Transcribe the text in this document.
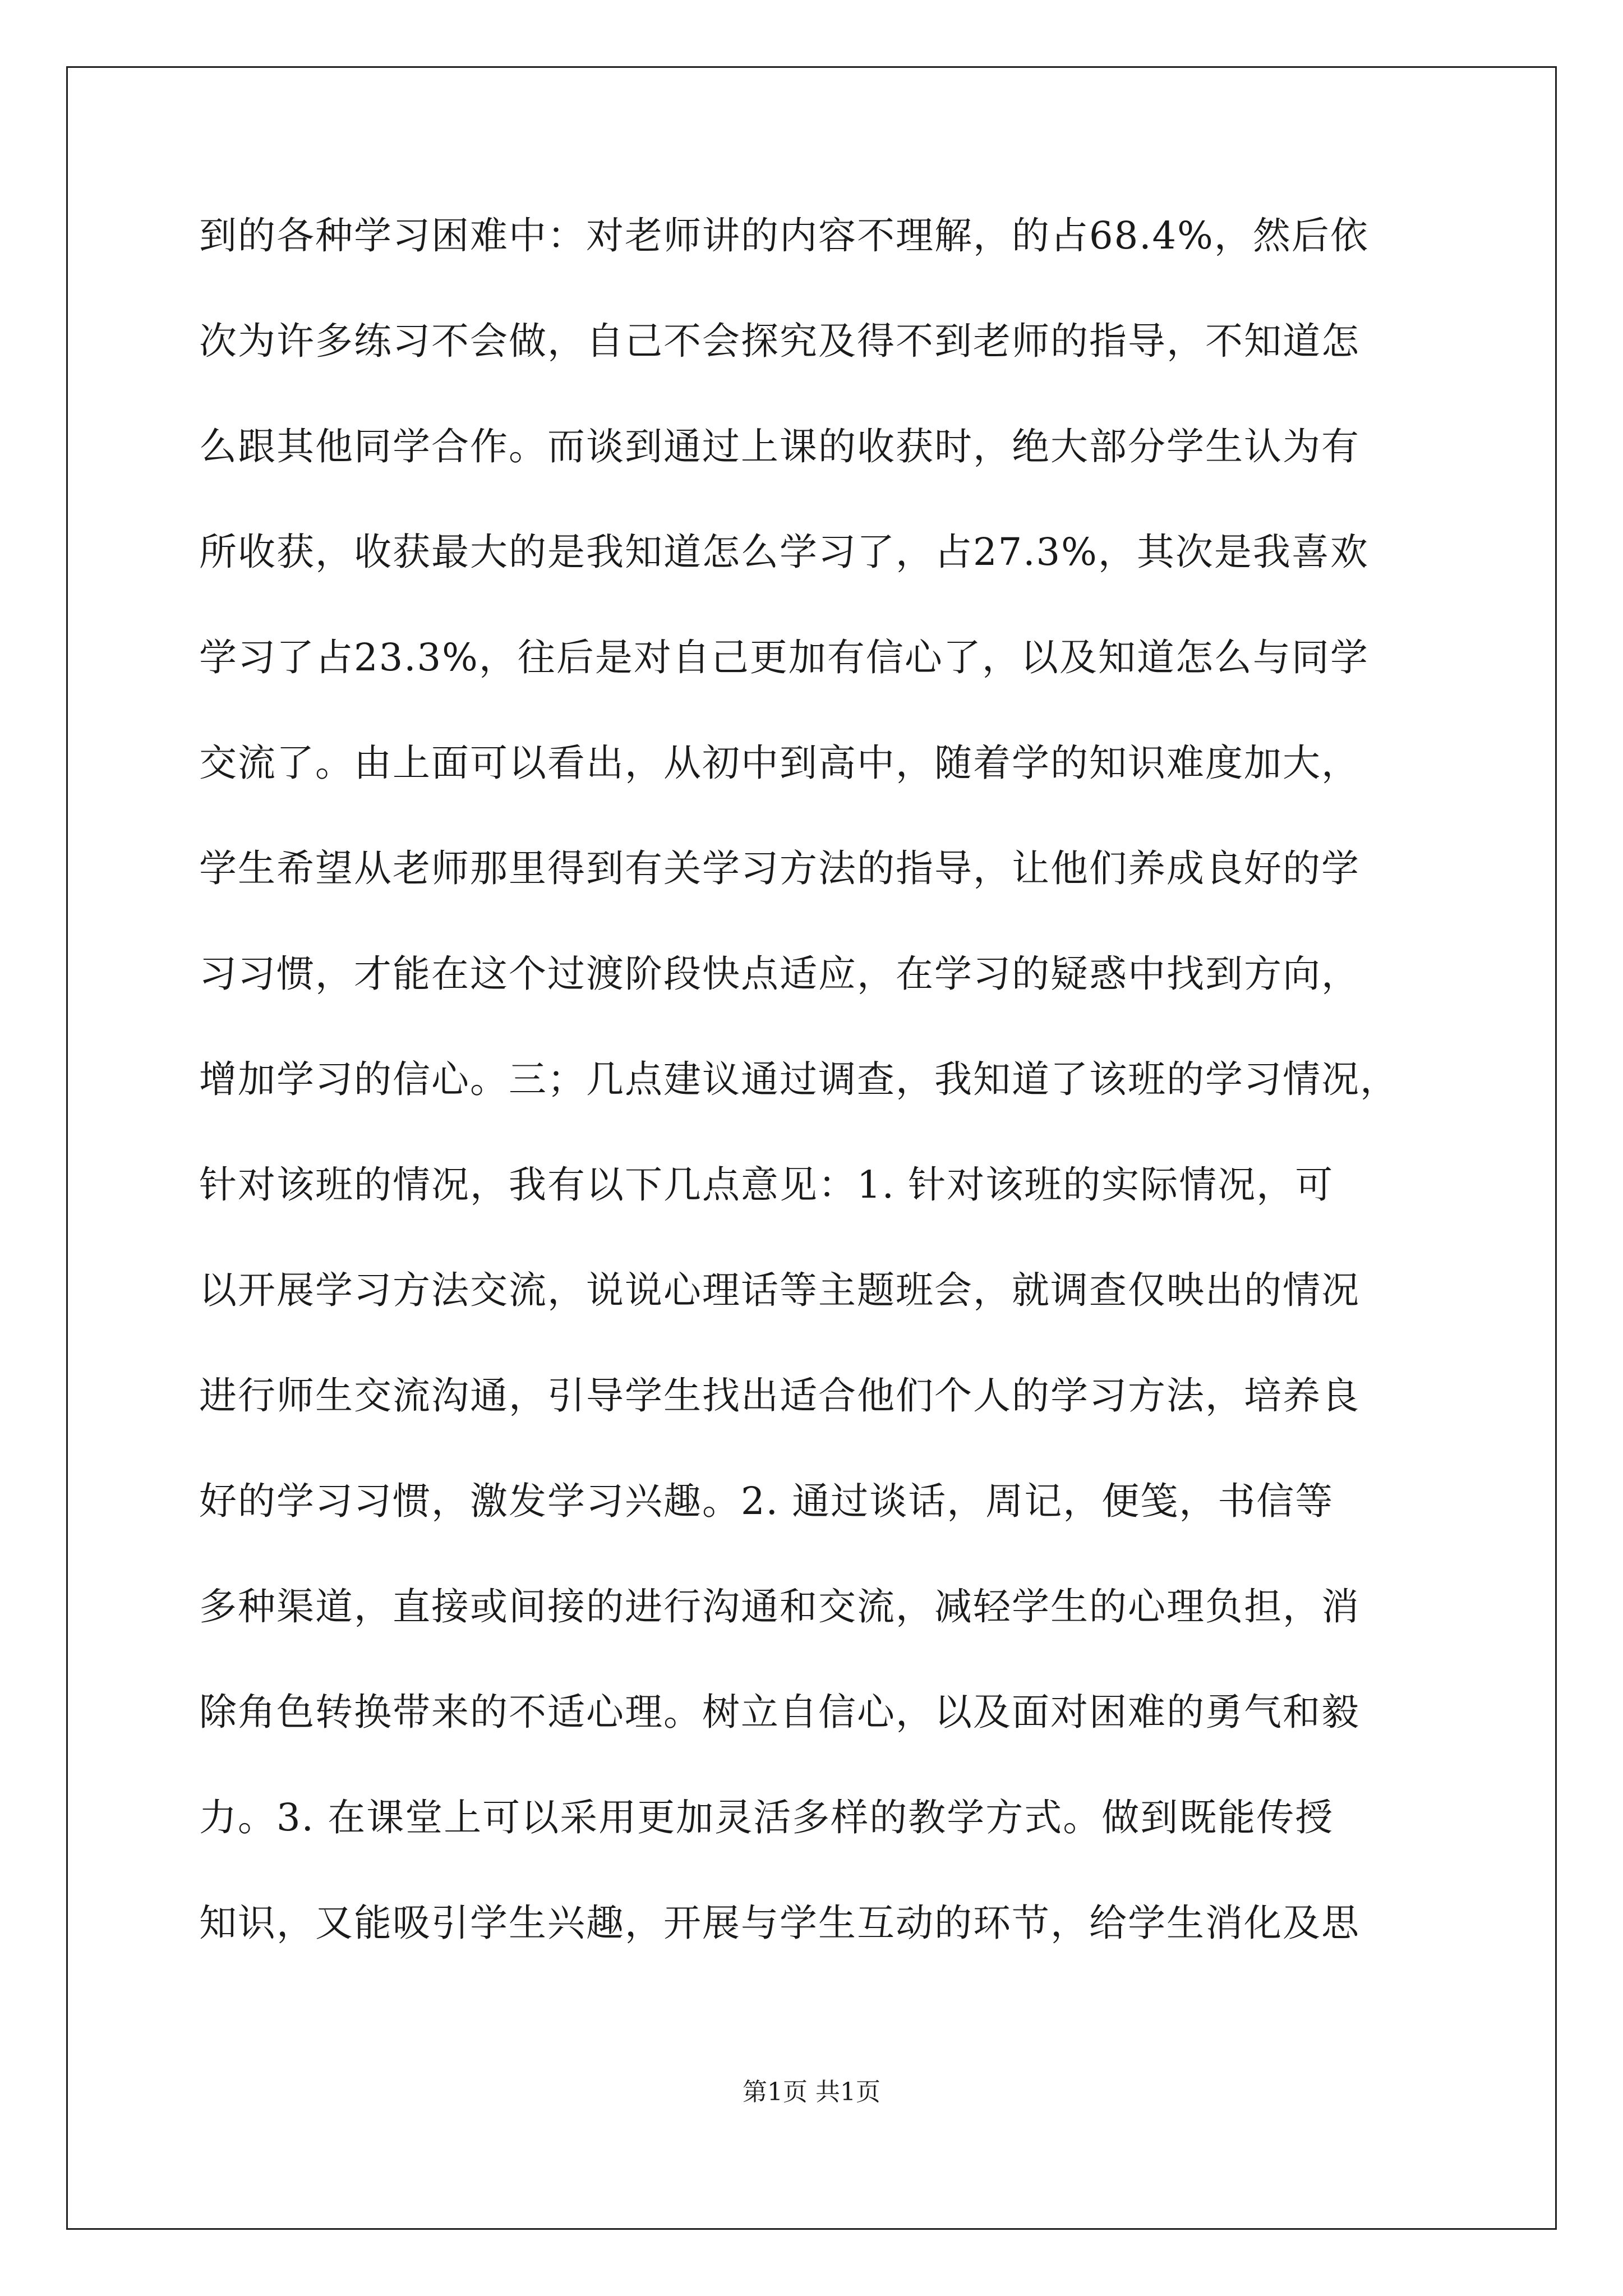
到的各种学习困难中：对老师讲的内容不理解，的占68.4%，然后依
次为许多练习不会做，自己不会探究及得不到老师的指导，不知道怎
么跟其他同学合作。而谈到通过上课的收获时，绝大部分学生认为有
所收获，收获最大的是我知道怎么学习了，占27.3%，其次是我喜欢
学习了占23.3%，往后是对自己更加有信心了，以及知道怎么与同学
交流了。由上面可以看出，从初中到高中，随着学的知识难度加大，
学生希望从老师那里得到有关学习方法的指导，让他们养成良好的学
习习惯，才能在这个过渡阶段快点适应，在学习的疑惑中找到方向，
增加学习的信心。三；几点建议通过调查，我知道了该班的学习情况，
针对该班的情况，我有以下几点意见：1. 针对该班的实际情况，可
以开展学习方法交流，说说心理话等主题班会，就调查仅映出的情况
进行师生交流沟通，引导学生找出适合他们个人的学习方法，培养良
好的学习习惯，激发学习兴趣。2. 通过谈话，周记，便笺，书信等
多种渠道，直接或间接的进行沟通和交流，减轻学生的心理负担，消
除角色转换带来的不适心理。树立自信心，以及面对困难的勇气和毅
力。3. 在课堂上可以采用更加灵活多样的教学方式。做到既能传授
知识，又能吸引学生兴趣，开展与学生互动的环节，给学生消化及思
第1页 共1页
